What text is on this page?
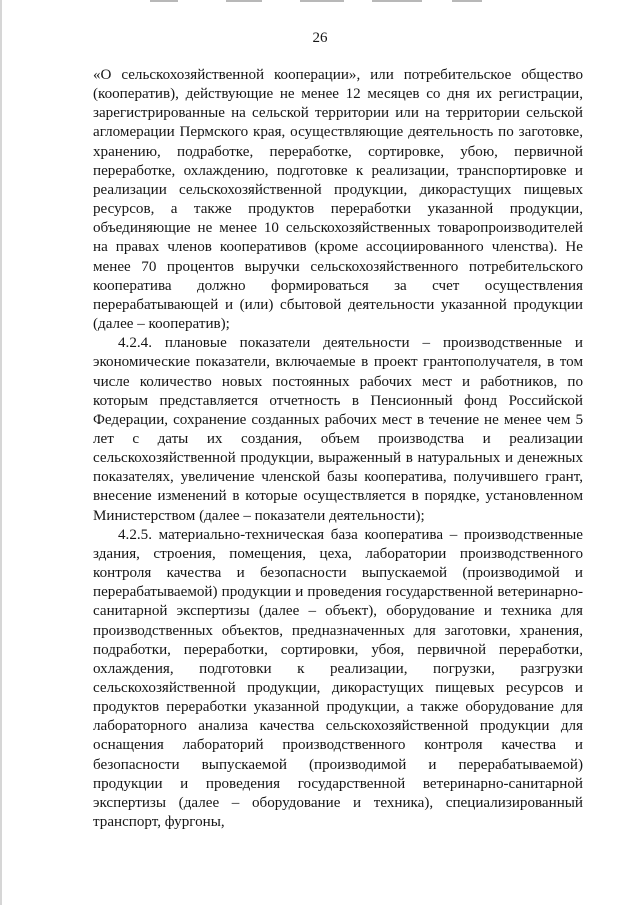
26

«О сельскохозяйственной кооперации», или потребительское общество (кооператив), действующие не менее 12 месяцев со дня их регистрации, зарегистрированные на сельской территории или на территории сельской агломерации Пермского края, осуществляющие деятельность по заготовке, хранению, подработке, переработке, сортировке, убою, первичной переработке, охлаждению, подготовке к реализации, транспортировке и реализации сельскохозяйственной продукции, дикорастущих пищевых ресурсов, а также продуктов переработки указанной продукции, объединяющие не менее 10 сельскохозяйственных товаропроизводителей на правах членов кооперативов (кроме ассоциированного членства). Не менее 70 процентов выручки сельскохозяйственного потребительского кооператива должно формироваться за счет осуществления перерабатывающей и (или) сбытовой деятельности указанной продукции (далее – кооператив);

4.2.4. плановые показатели деятельности – производственные и экономические показатели, включаемые в проект грантополучателя, в том числе количество новых постоянных рабочих мест и работников, по которым представляется отчетность в Пенсионный фонд Российской Федерации, сохранение созданных рабочих мест в течение не менее чем 5 лет с даты их создания, объем производства и реализации сельскохозяйственной продукции, выраженный в натуральных и денежных показателях, увеличение членской базы кооператива, получившего грант, внесение изменений в которые осуществляется в порядке, установленном Министерством (далее – показатели деятельности);

4.2.5. материально-техническая база кооператива – производственные здания, строения, помещения, цеха, лаборатории производственного контроля качества и безопасности выпускаемой (производимой и перерабатываемой) продукции и проведения государственной ветеринарно-санитарной экспертизы (далее – объект), оборудование и техника для производственных объектов, предназначенных для заготовки, хранения, подработки, переработки, сортировки, убоя, первичной переработки, охлаждения, подготовки к реализации, погрузки, разгрузки сельскохозяйственной продукции, дикорастущих пищевых ресурсов и продуктов переработки указанной продукции, а также оборудование для лабораторного анализа качества сельскохозяйственной продукции для оснащения лабораторий производственного контроля качества и безопасности выпускаемой (производимой и перерабатываемой) продукции и проведения государственной ветеринарно-санитарной экспертизы (далее – оборудование и техника), специализированный транспорт, фургоны,
